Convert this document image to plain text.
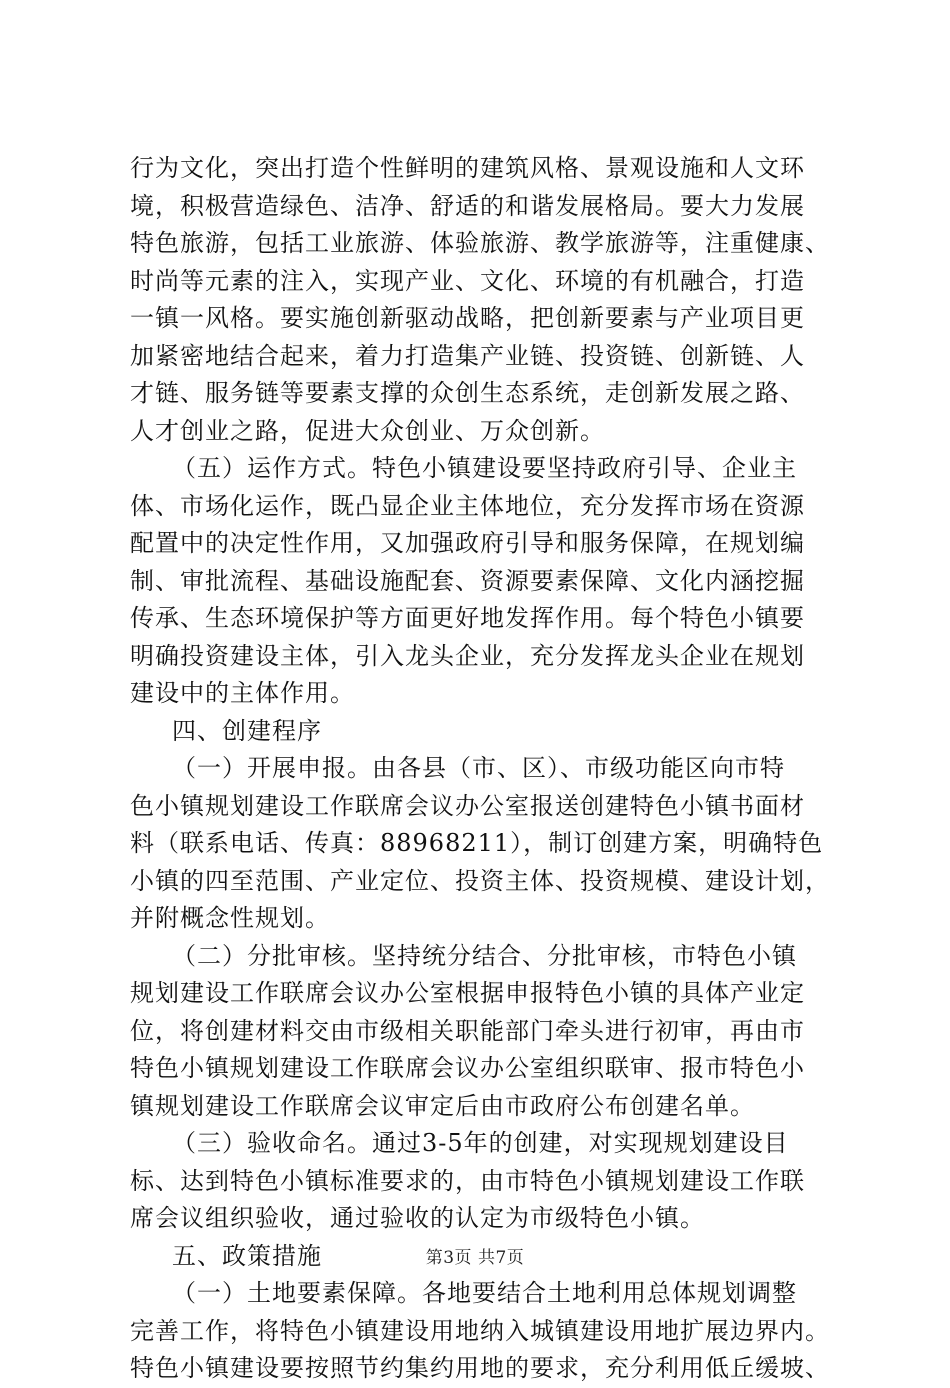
行为文化，突出打造个性鲜明的建筑风格、景观设施和人文环
境，积极营造绿色、洁净、舒适的和谐发展格局。要大力发展
特色旅游，包括工业旅游、体验旅游、教学旅游等，注重健康、
时尚等元素的注入，实现产业、文化、环境的有机融合，打造
一镇一风格。要实施创新驱动战略，把创新要素与产业项目更
加紧密地结合起来，着力打造集产业链、投资链、创新链、人
才链、服务链等要素支撑的众创生态系统，走创新发展之路、
人才创业之路，促进大众创业、万众创新。
（五）运作方式。特色小镇建设要坚持政府引导、企业主
体、市场化运作，既凸显企业主体地位，充分发挥市场在资源
配置中的决定性作用，又加强政府引导和服务保障，在规划编
制、审批流程、基础设施配套、资源要素保障、文化内涵挖掘
传承、生态环境保护等方面更好地发挥作用。每个特色小镇要
明确投资建设主体，引入龙头企业，充分发挥龙头企业在规划
建设中的主体作用。
四、创建程序
（一）开展申报。由各县（市、区）、市级功能区向市特
色小镇规划建设工作联席会议办公室报送创建特色小镇书面材
料（联系电话、传真：88968211），制订创建方案，明确特色
小镇的四至范围、产业定位、投资主体、投资规模、建设计划，
并附概念性规划。
（二）分批审核。坚持统分结合、分批审核，市特色小镇
规划建设工作联席会议办公室根据申报特色小镇的具体产业定
位，将创建材料交由市级相关职能部门牵头进行初审，再由市
特色小镇规划建设工作联席会议办公室组织联审、报市特色小
镇规划建设工作联席会议审定后由市政府公布创建名单。
（三）验收命名。通过3-5年的创建，对实现规划建设目
标、达到特色小镇标准要求的，由市特色小镇规划建设工作联
席会议组织验收，通过验收的认定为市级特色小镇。
五、政策措施
（一）土地要素保障。各地要结合土地利用总体规划调整
完善工作，将特色小镇建设用地纳入城镇建设用地扩展边界内。
特色小镇建设要按照节约集约用地的要求，充分利用低丘缓坡、
第3页 共7页
